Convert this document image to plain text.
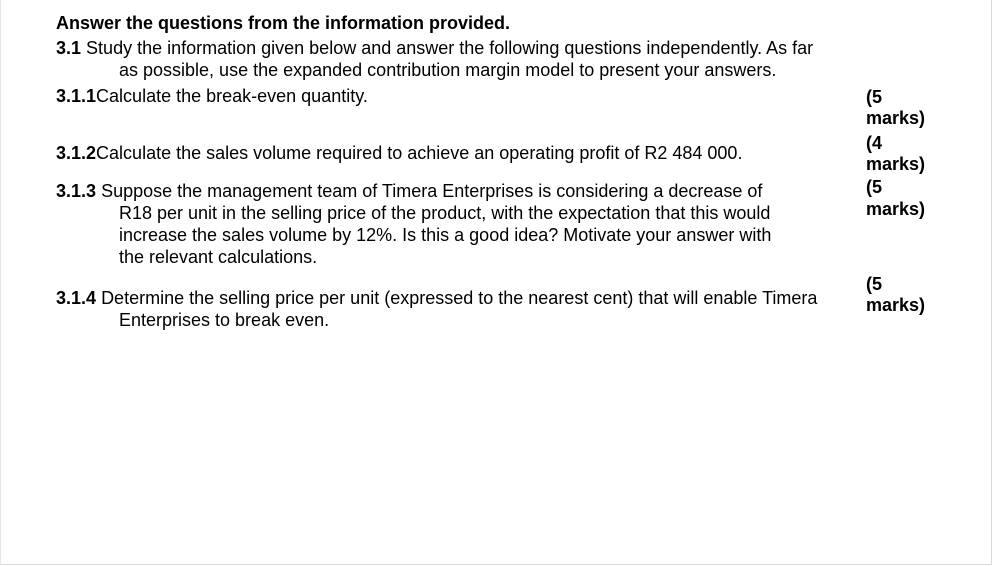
Answer the questions from the information provided.
3.1 Study the information given below and answer the following questions independently. As far
as possible, use the expanded contribution margin model to present your answers.
3.1.1Calculate the break-even quantity.	(5
marks)
3.1.2Calculate the sales volume required to achieve an operating profit of R2 484 000.	(4
marks)
3.1.3 Suppose the management team of Timera Enterprises is considering a decrease of
R18 per unit in the selling price of the product, with the expectation that this would
increase the sales volume by 12%. Is this a good idea? Motivate your answer with
the relevant calculations.
(5
marks)
3.1.4 Determine the selling price per unit (expressed to the nearest cent) that will enable Timera
Enterprises to break even.
(5
marks)
